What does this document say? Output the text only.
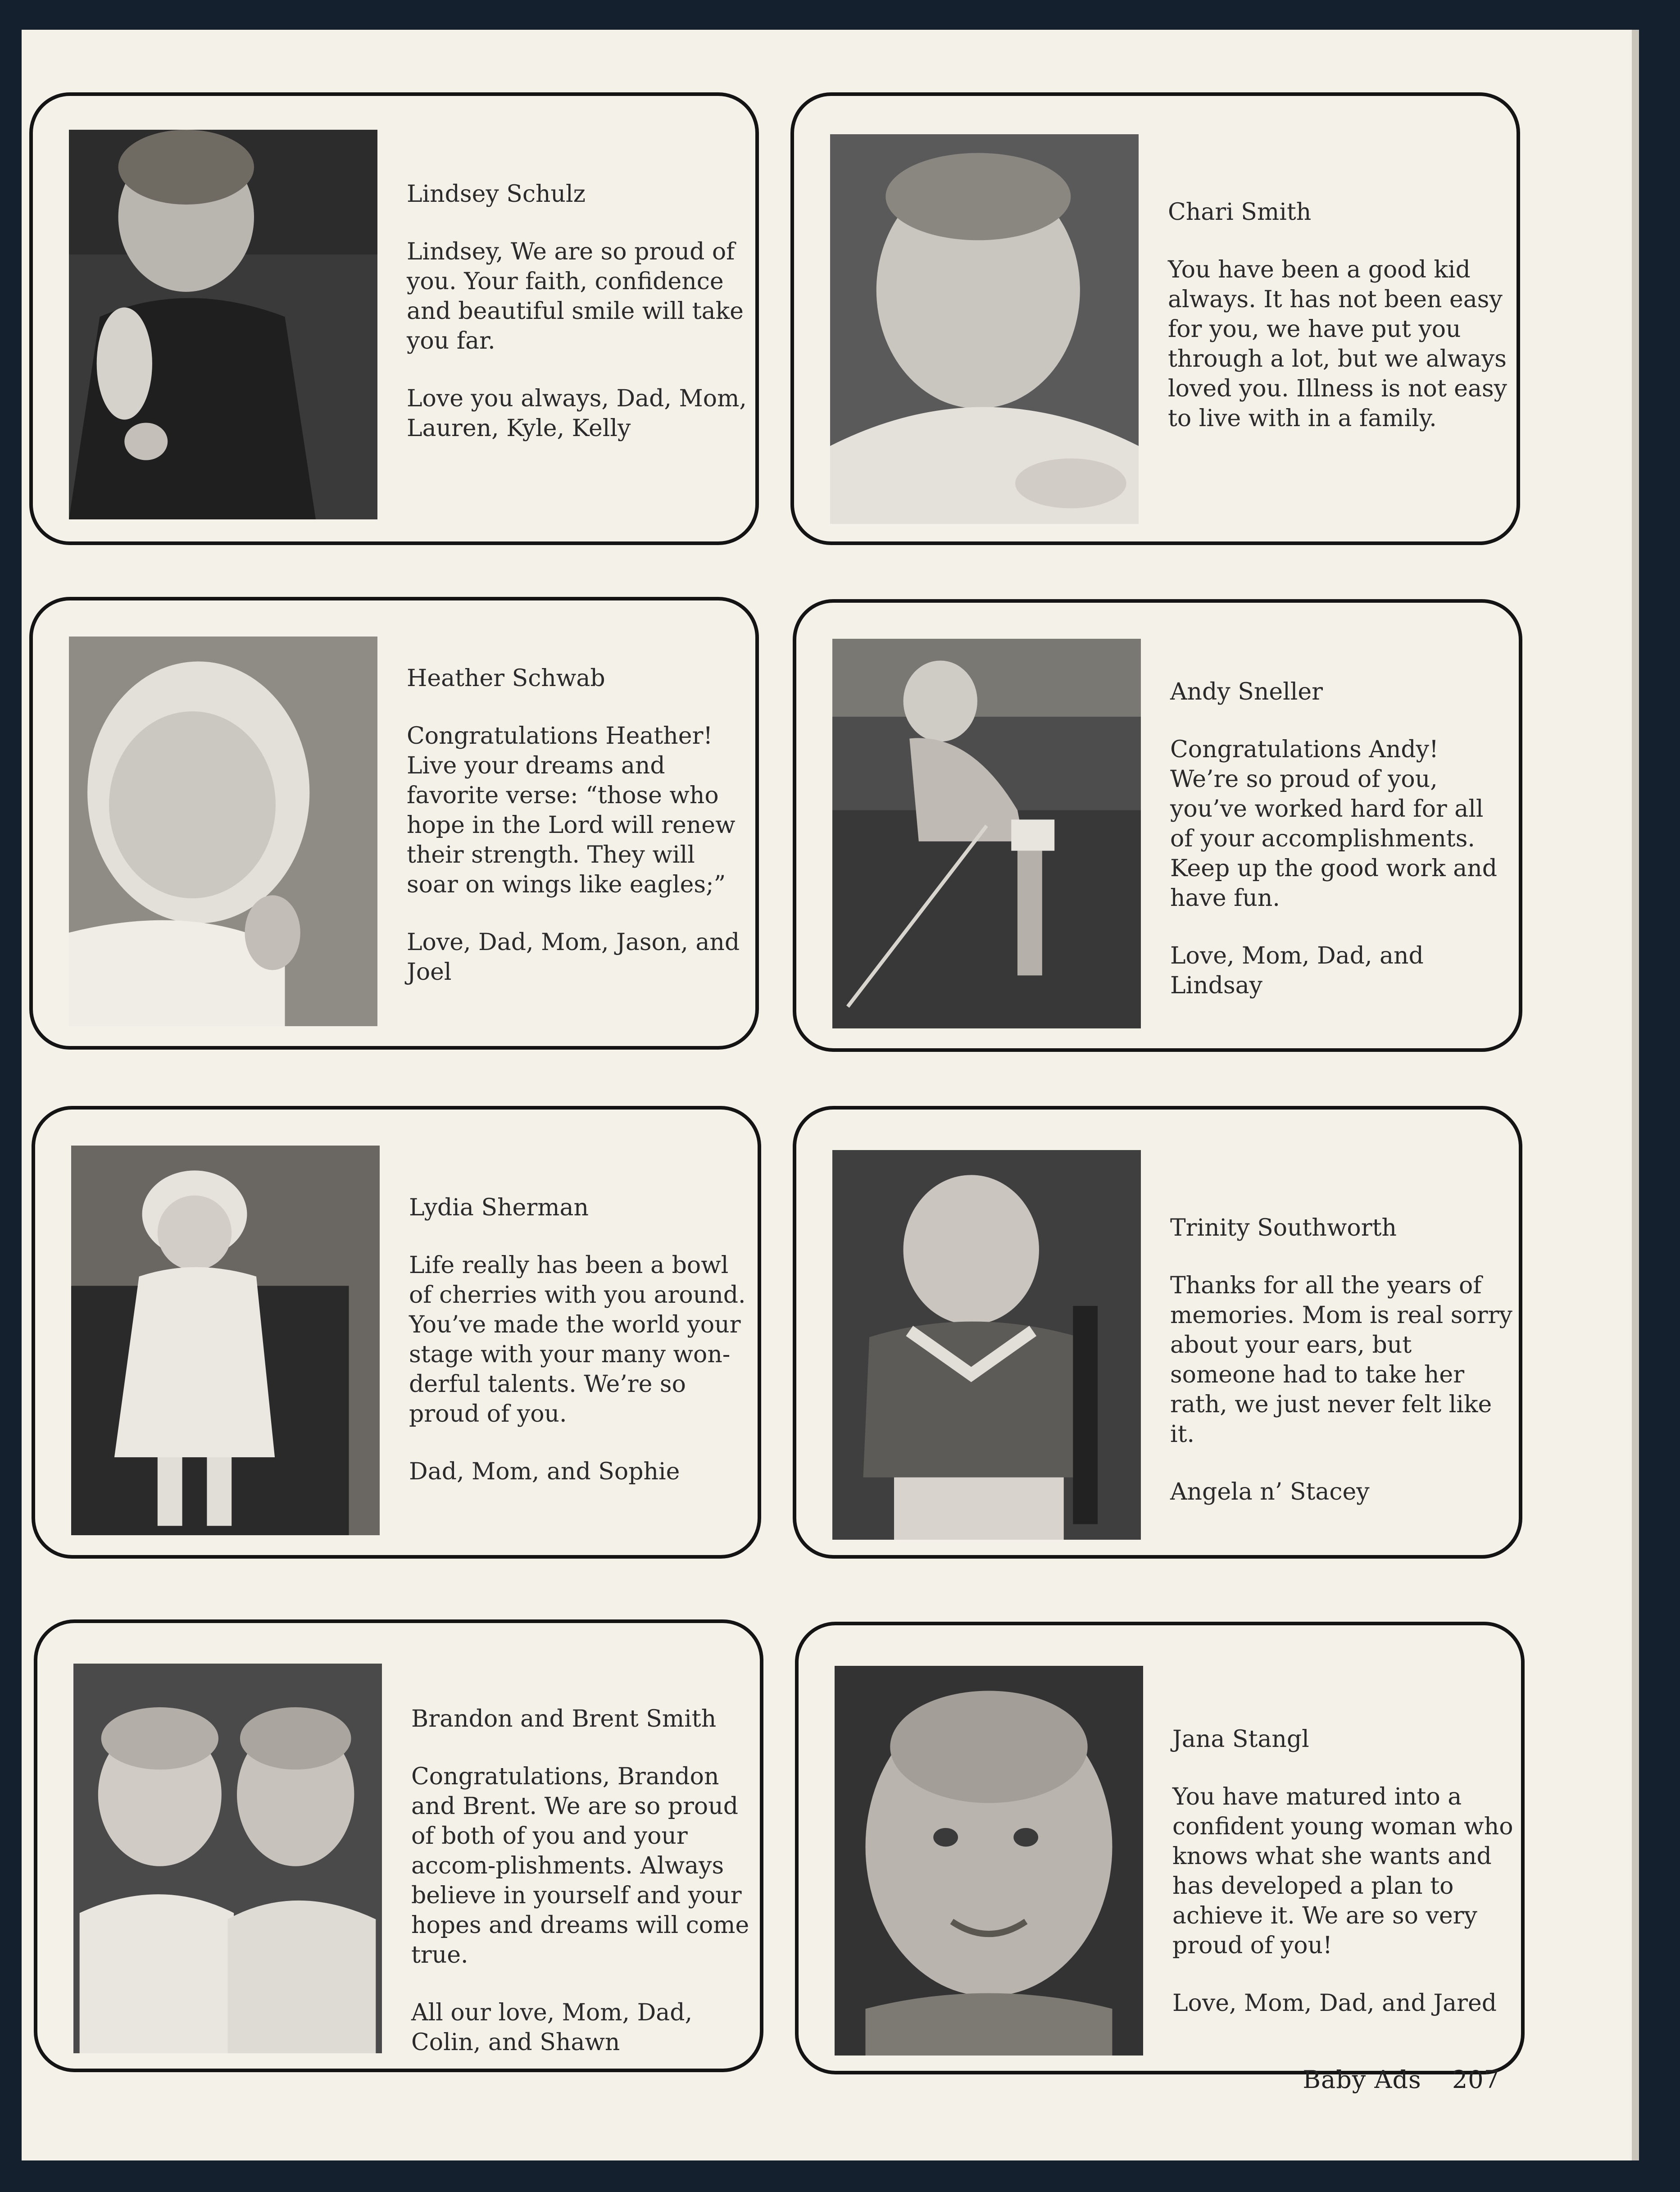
Lindsey Schulz

Lindsey, We are so proud of you. Your faith, confidence and beautiful smile will take you far.

Love you always, Dad, Mom, Lauren, Kyle, Kelly

Chari Smith

You have been a good kid always. It has not been easy for you, we have put you through a lot, but we always loved you. Illness is not easy to live with in a family.

Heather Schwab

Congratulations Heather! Live your dreams and favorite verse: “those who hope in the Lord will renew their strength. They will soar on wings like eagles;”

Love, Dad, Mom, Jason, and Joel

Andy Sneller

Congratulations Andy! We’re so proud of you, you’ve worked hard for all of your accomplishments. Keep up the good work and have fun.

Love, Mom, Dad, and Lindsay

Lydia Sherman

Life really has been a bowl of cherries with you around. You’ve made the world your stage with your many won-derful talents. We’re so proud of you.

Dad, Mom, and Sophie

Trinity Southworth

Thanks for all the years of memories. Mom is real sorry about your ears, but someone had to take her rath, we just never felt like it.

Angela n’ Stacey

Brandon and Brent Smith

Congratulations, Brandon and Brent. We are so proud of both of you and your accom-plishments. Always believe in yourself and your hopes and dreams will come true.

All our love, Mom, Dad, Colin, and Shawn

Jana Stangl

You have matured into a confident young woman who knows what she wants and has developed a plan to achieve it. We are so very proud of you!

Love, Mom, Dad, and Jared

Baby Ads 207
